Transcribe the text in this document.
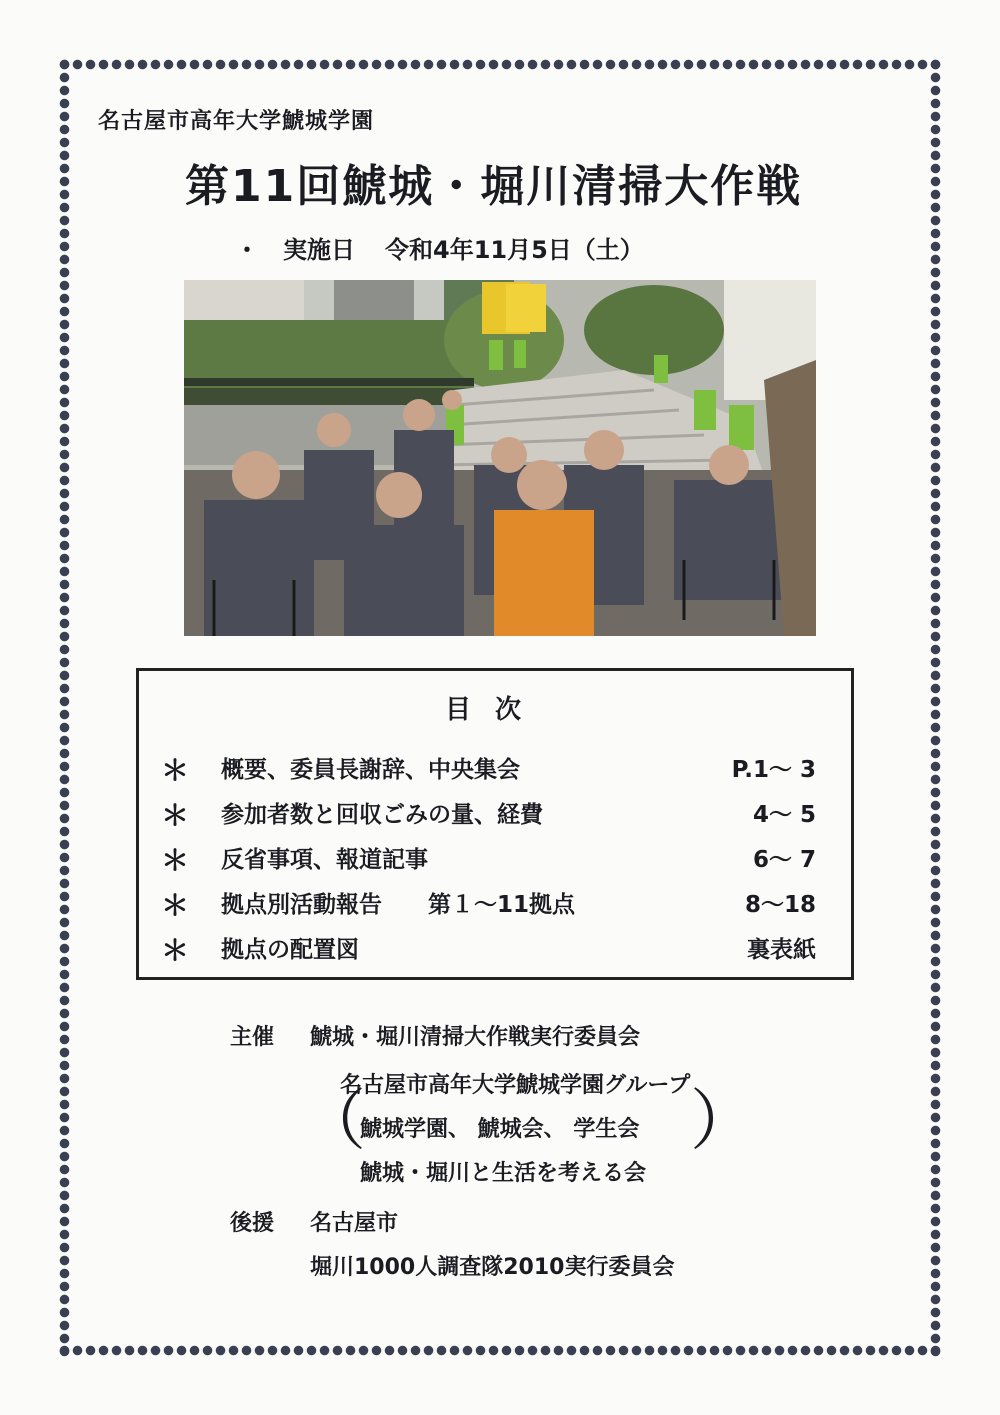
名古屋市高年大学鯱城学園
第11回鯱城・堀川清掃大作戦
・ 実施日 令和4年11月5日（土）
目次
＊ 概要、委員長謝辞、中央集会	P.1～ 3
＊ 参加者数と回収ごみの量、経費	4～ 5
＊ 反省事項、報道記事	6～ 7
＊ 拠点別活動報告　　第１～11拠点	8～18
＊ 拠点の配置図	裏表紙
主催 鯱城・堀川清掃大作戦実行委員会
名古屋市高年大学鯱城学園グループ
鯱城学園、 鯱城会、 学生会
鯱城・堀川と生活を考える会
後援 名古屋市
堀川1000人調査隊2010実行委員会
（	）
